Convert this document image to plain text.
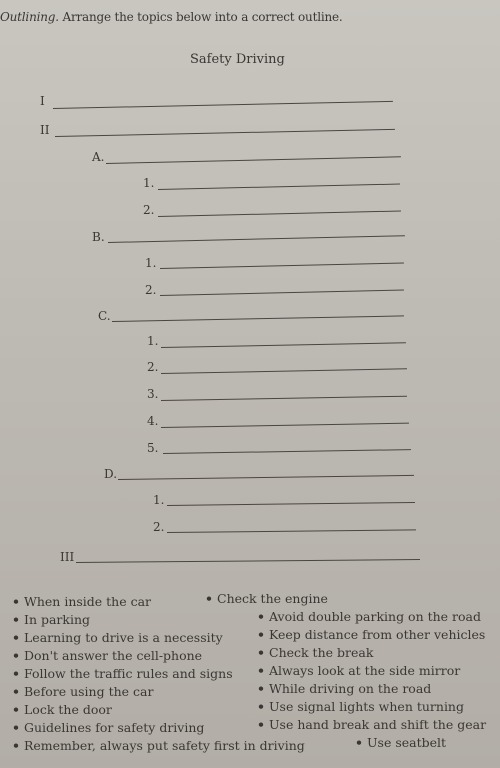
Outlining. Arrange the topics below into a correct outline.
Safety Driving
I
II
A.
1.
2.
B.
1.
2.
C.
1.
2.
3.
4.
5.
D.
1.
2.
III
• When inside the car
• In parking
• Learning to drive is a necessity
• Don't answer the cell-phone
• Follow the traffic rules and signs
• Before using the car
• Lock the door
• Guidelines for safety driving
• Remember, always put safety first in driving
• Check the engine
• Avoid double parking on the road
• Keep distance from other vehicles
• Check the break
• Always look at the side mirror
• While driving on the road
• Use signal lights when turning
• Use hand break and shift the gear
• Use seatbelt
